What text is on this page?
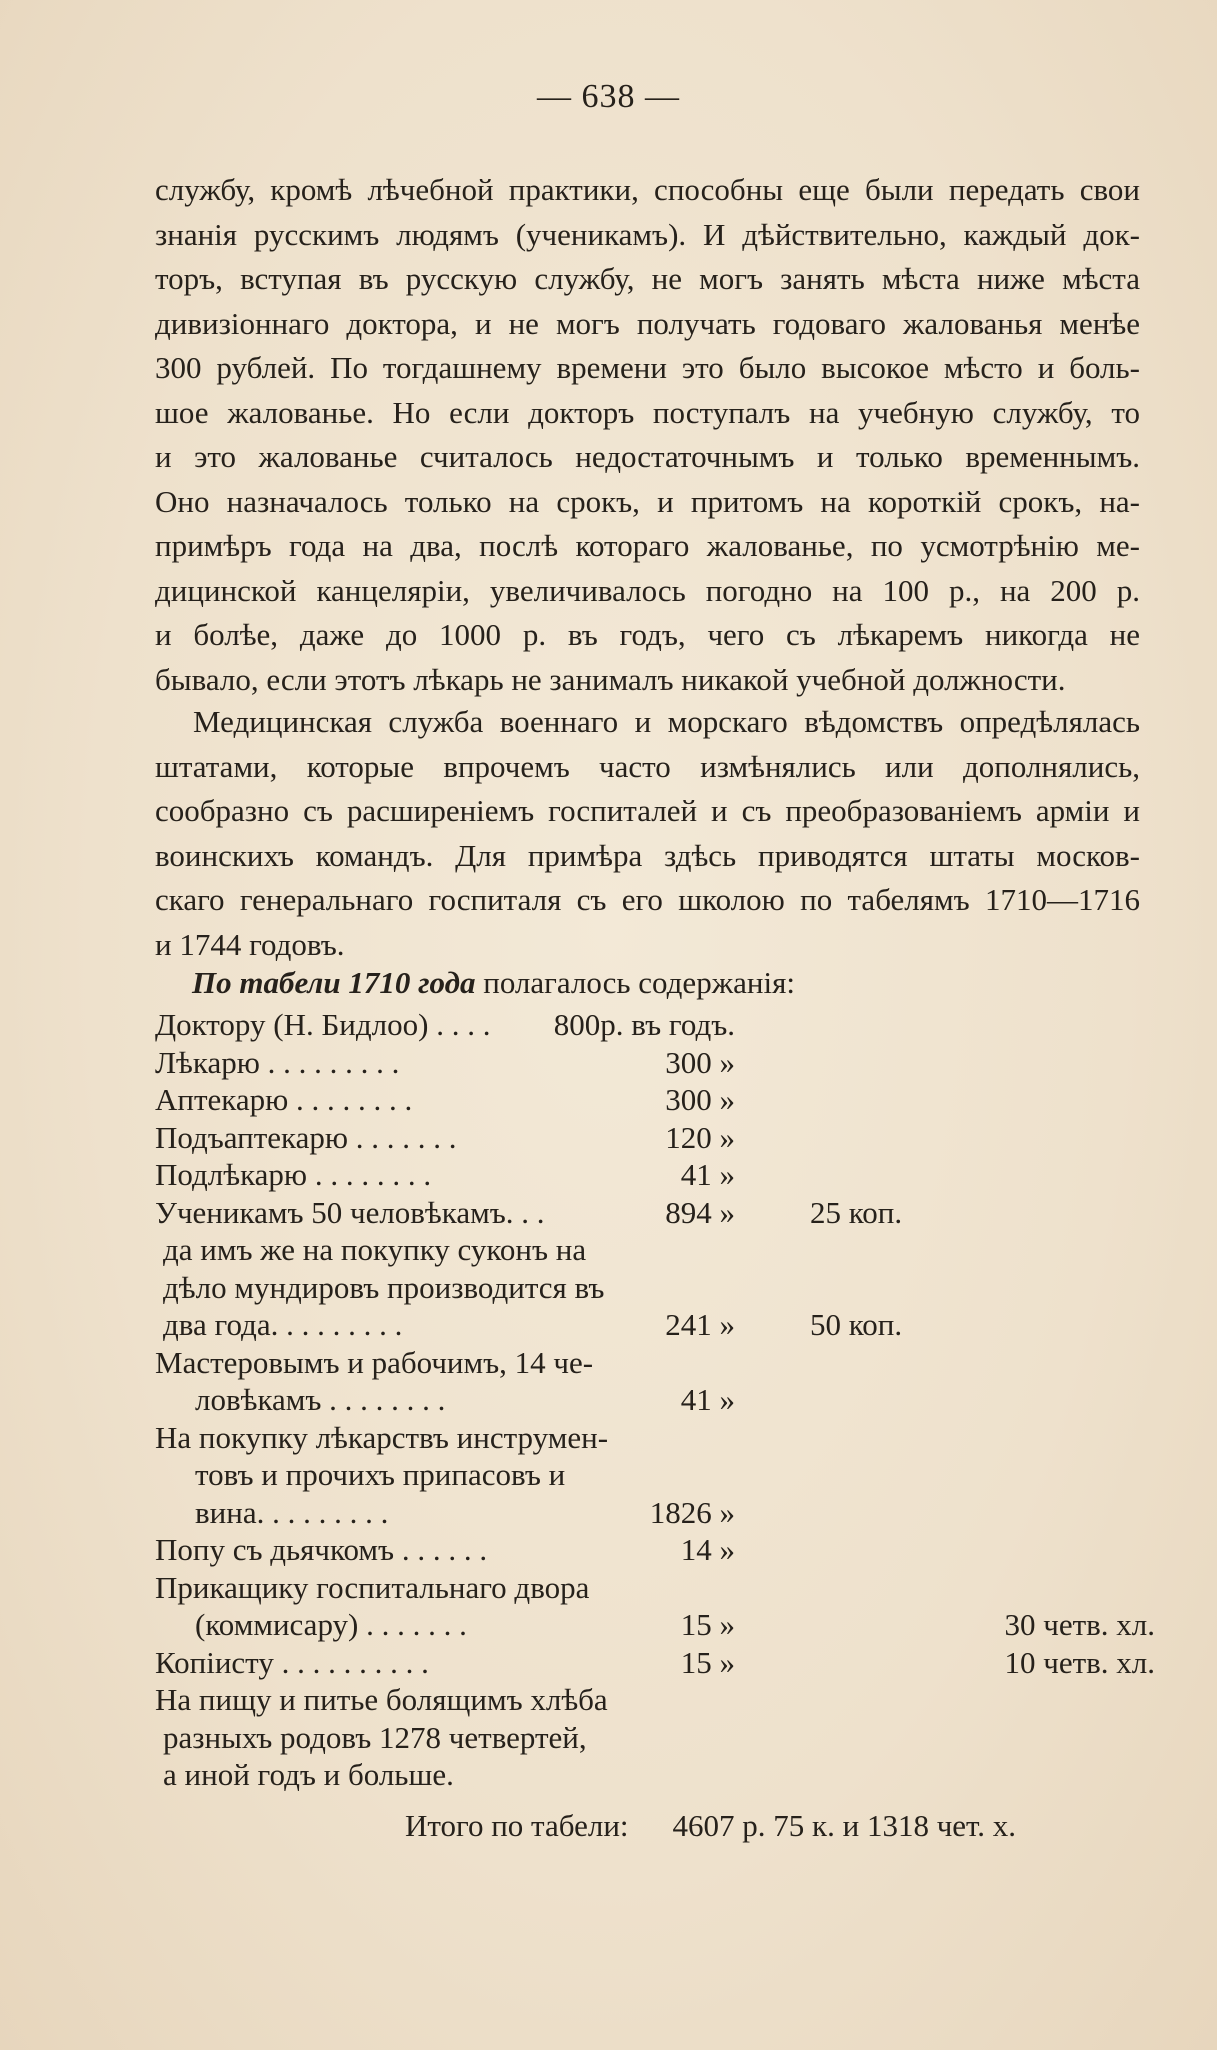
— 638 —
службу, кромѣ лѣчебной практики, способны еще были передать свои
знанія русскимъ людямъ (ученикамъ). И дѣйствительно, каждый док-
торъ, вступая въ русскую службу, не могъ занять мѣста ниже мѣста
дивизіоннаго доктора, и не могъ получать годоваго жалованья менѣе
300 рублей. По тогдашнему времени это было высокое мѣсто и боль-
шое жалованье. Но если докторъ поступалъ на учебную службу, то
и это жалованье считалось недостаточнымъ и только временнымъ.
Оно назначалось только на срокъ, и притомъ на короткій срокъ, на-
примѣръ года на два, послѣ котораго жалованье, по усмотрѣнію ме-
дицинской канцеляріи, увеличивалось погодно на 100 р., на 200 р.
и болѣе, даже до 1000 р. въ годъ, чего съ лѣкаремъ никогда не
бывало, если этотъ лѣкарь не занималъ никакой учебной должности.
Медицинская служба военнаго и морскаго вѣдомствъ опредѣлялась
штатами, которые впрочемъ часто измѣнялись или дополнялись,
сообразно съ расширеніемъ госпиталей и съ преобразованіемъ арміи и
воинскихъ командъ. Для примѣра здѣсь приводятся штаты москов-
скаго генеральнаго госпиталя съ его школою по табелямъ 1710—1716
и 1744 годовъ.
По табели 1710 года полагалось содержанія:
Доктору (Н. Бидлоо) . . . .	800р. въ годъ.
Лѣкарю . . . . . . . . .	300 »
Аптекарю . . . . . . . .	300 »
Подъаптекарю . . . . . . .	120 »
Подлѣкарю . . . . . . . .	41 »
Ученикамъ 50 человѣкамъ. . .	894 » 25 коп.
да имъ же на покупку суконъ на
дѣло мундировъ производится въ
два года. . . . . . . . .	241 » 50 коп.
Мастеровымъ и рабочимъ, 14 че-
ловѣкамъ . . . . . . . .	41 »
На покупку лѣкарствъ инструмен-
товъ и прочихъ припасовъ и
вина. . . . . . . . .	1826 »
Попу съ дьячкомъ . . . . . .	14 »
Прикащику госпитальнаго двора
(коммисару) . . . . . . .	15 »	30 четв. хл.
Копіисту . . . . . . . . . .	15 »	10 четв. хл.
На пищу и питье болящимъ хлѣба
разныхъ родовъ 1278 четвертей,
а иной годъ и больше.
Итого по табели: 4607 р. 75 к. и 1318 чет. х.
